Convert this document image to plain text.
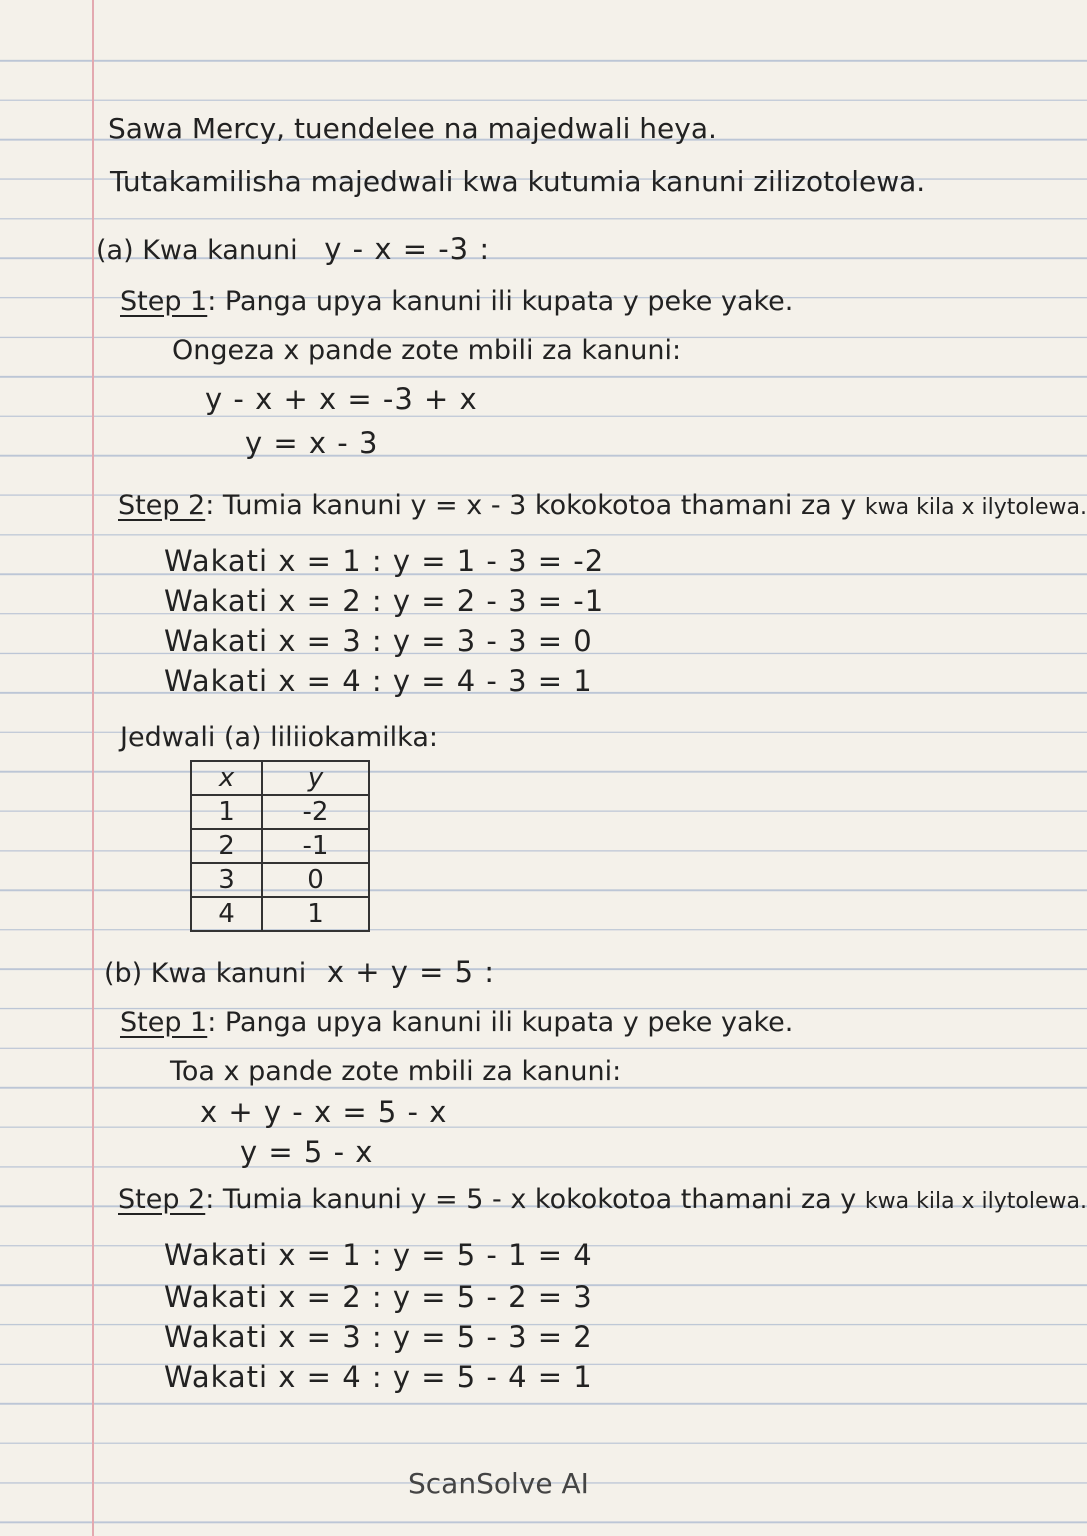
Sawa Mercy, tuendelee na majedwali heya.
Tutakamilisha majedwali kwa kutumia kanuni zilizotolewa.
(a) Kwa kanuni y - x = -3 :
Step 1: Panga upya kanuni ili kupata y peke yake.
Ongeza x pande zote mbili za kanuni:
y - x + x = -3 + x
y = x - 3
Step 2: Tumia kanuni y = x - 3 kokokotoa thamani za y kwa kila x ilytolewa.
Wakati x = 1 : y = 1 - 3 = -2
Wakati x = 2 : y = 2 - 3 = -1
Wakati x = 3 : y = 3 - 3 = 0
Wakati x = 4 : y = 4 - 3 = 1
Jedwali (a) liliiokamilka:
x	y
1	-2
2	-1
3	0
4	1
(b) Kwa kanuni x + y = 5 :
Step 1: Panga upya kanuni ili kupata y peke yake.
Toa x pande zote mbili za kanuni:
x + y - x = 5 - x
y = 5 - x
Step 2: Tumia kanuni y = 5 - x kokokotoa thamani za y kwa kila x ilytolewa.
Wakati x = 1 : y = 5 - 1 = 4
Wakati x = 2 : y = 5 - 2 = 3
Wakati x = 3 : y = 5 - 3 = 2
Wakati x = 4 : y = 5 - 4 = 1
ScanSolve AI
